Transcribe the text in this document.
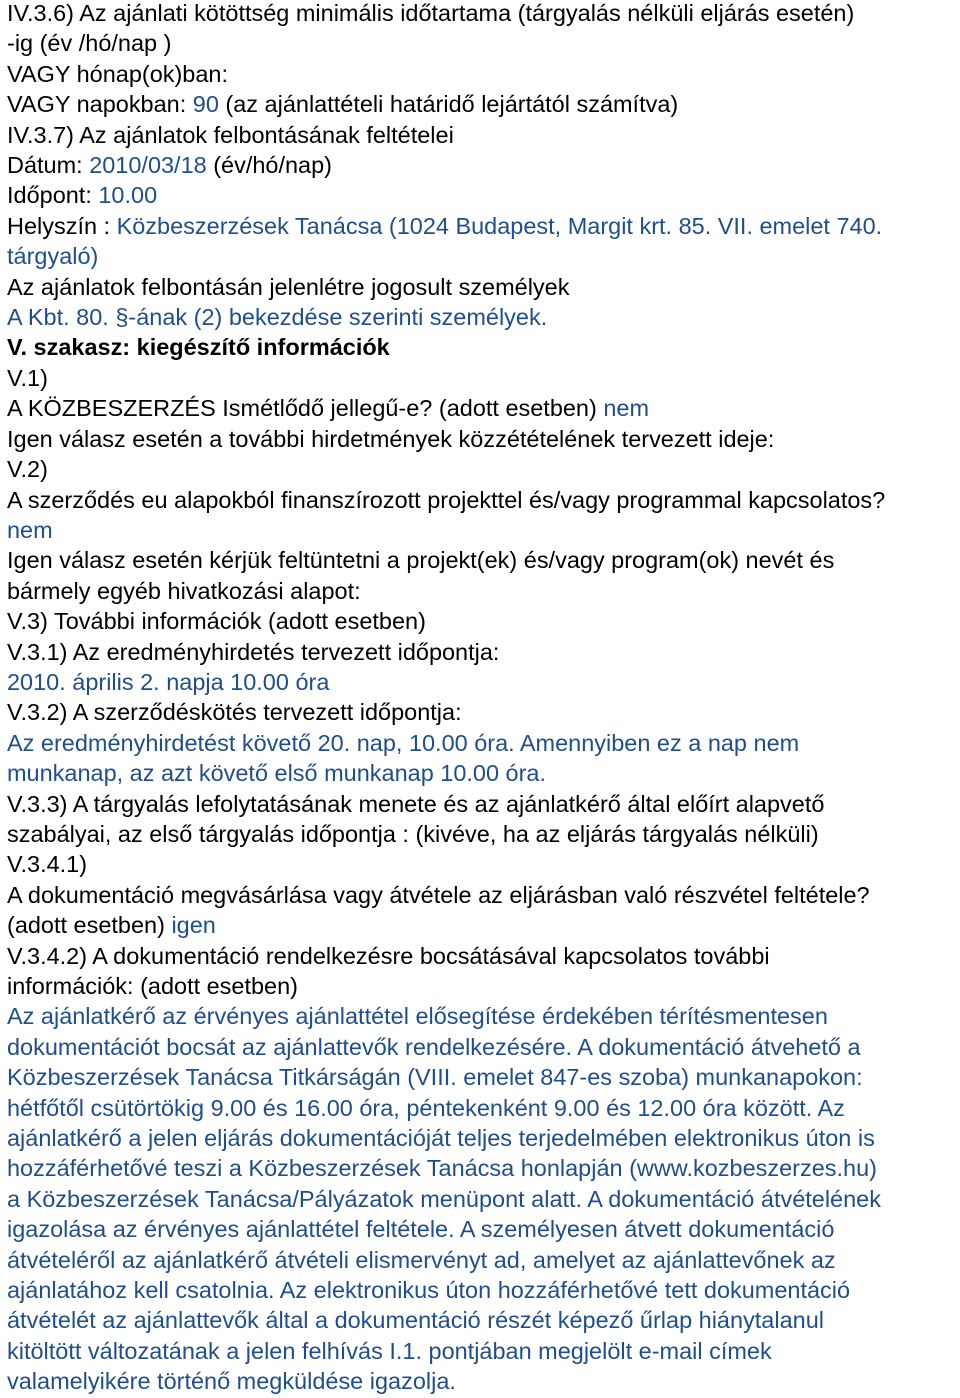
IV.3.6) Az ajánlati kötöttség minimális időtartama (tárgyalás nélküli eljárás esetén)
-ig (év /hó/nap )
VAGY hónap(ok)ban:
VAGY napokban: 90 (az ajánlattételi határidő lejártától számítva)
IV.3.7) Az ajánlatok felbontásának feltételei
Dátum: 2010/03/18 (év/hó/nap)
Időpont: 10.00
Helyszín : Közbeszerzések Tanácsa (1024 Budapest, Margit krt. 85. VII. emelet 740.
tárgyaló)
Az ajánlatok felbontásán jelenlétre jogosult személyek
A Kbt. 80. §-ának (2) bekezdése szerinti személyek.
V. szakasz: kiegészítő információk
V.1)
A KÖZBESZERZÉS Ismétlődő jellegű-e? (adott esetben) nem
Igen válasz esetén a további hirdetmények közzétételének tervezett ideje:
V.2)
A szerződés eu alapokból finanszírozott projekttel és/vagy programmal kapcsolatos?
nem
Igen válasz esetén kérjük feltüntetni a projekt(ek) és/vagy program(ok) nevét és
bármely egyéb hivatkozási alapot:
V.3) További információk (adott esetben)
V.3.1) Az eredményhirdetés tervezett időpontja:
2010. április 2. napja 10.00 óra
V.3.2) A szerződéskötés tervezett időpontja:
Az eredményhirdetést követő 20. nap, 10.00 óra. Amennyiben ez a nap nem
munkanap, az azt követő első munkanap 10.00 óra.
V.3.3) A tárgyalás lefolytatásának menete és az ajánlatkérő által előírt alapvető
szabályai, az első tárgyalás időpontja : (kivéve, ha az eljárás tárgyalás nélküli)
V.3.4.1)
A dokumentáció megvásárlása vagy átvétele az eljárásban való részvétel feltétele?
(adott esetben) igen
V.3.4.2) A dokumentáció rendelkezésre bocsátásával kapcsolatos további
információk: (adott esetben)
Az ajánlatkérő az érvényes ajánlattétel elősegítése érdekében térítésmentesen
dokumentációt bocsát az ajánlattevők rendelkezésére. A dokumentáció átvehető a
Közbeszerzések Tanácsa Titkárságán (VIII. emelet 847-es szoba) munkanapokon:
hétfőtől csütörtökig 9.00 és 16.00 óra, péntekenként 9.00 és 12.00 óra között. Az
ajánlatkérő a jelen eljárás dokumentációját teljes terjedelmében elektronikus úton is
hozzáférhetővé teszi a Közbeszerzések Tanácsa honlapján (www.kozbeszerzes.hu)
a Közbeszerzések Tanácsa/Pályázatok menüpont alatt. A dokumentáció átvételének
igazolása az érvényes ajánlattétel feltétele. A személyesen átvett dokumentáció
átvételéről az ajánlatkérő átvételi elismervényt ad, amelyet az ajánlattevőnek az
ajánlatához kell csatolnia. Az elektronikus úton hozzáférhetővé tett dokumentáció
átvételét az ajánlattevők által a dokumentáció részét képező űrlap hiánytalanul
kitöltött változatának a jelen felhívás I.1. pontjában megjelölt e-mail címek
valamelyikére történő megküldése igazolja.
